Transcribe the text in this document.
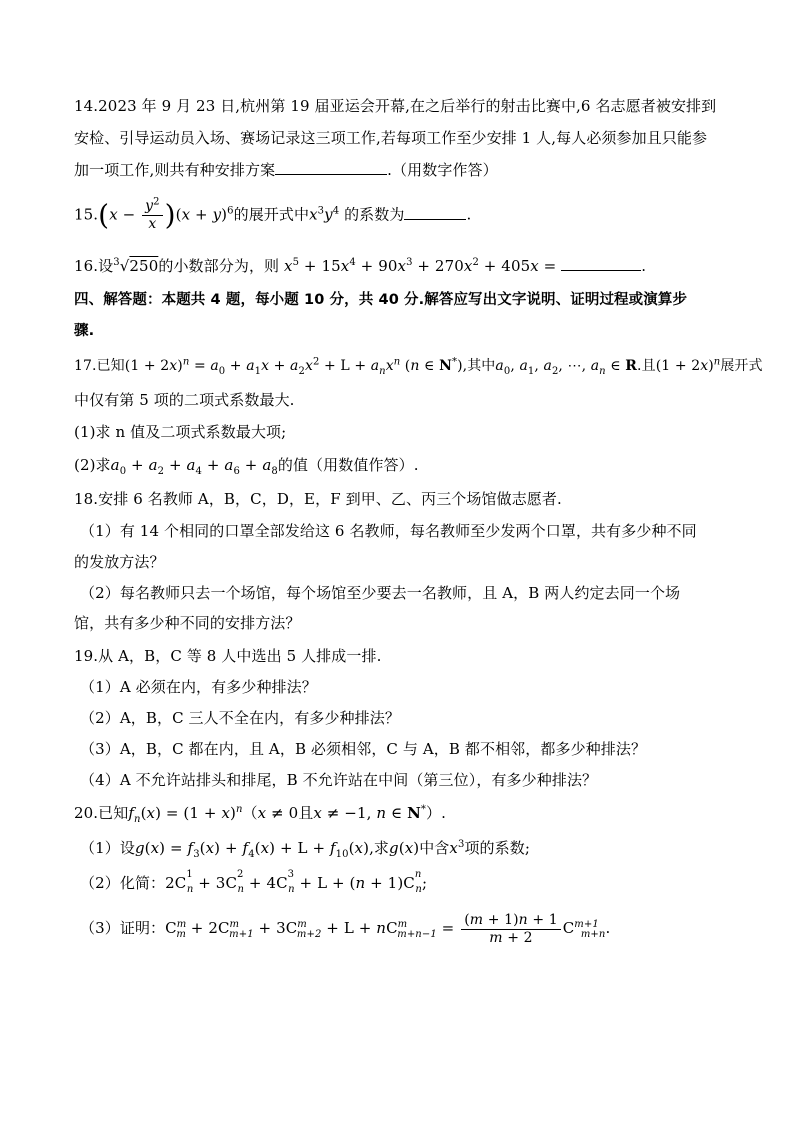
14.2023 年 9 月 23 日,杭州第 19 届亚运会开幕,在之后举行的射击比赛中,6 名志愿者被安排到
安检、引导运动员入场、赛场记录这三项工作,若每项工作至少安排 1 人,每人必须参加且只能参
加一项工作,则共有种安排方案	.（用数字作答）
$15.(x - \frac{y^2}{x} )(x + y)^6$的展开式中$x^3y^4$ 的系数为	.
16.设$^3$√250的小数部分为，则 $x^5 + 15x^4 + 90x^3 + 270x^2 + 405x$ =	.
四、解答题：本题共 4 题，每小题 10 分，共 40 分.解答应写出文字说明、证明过程或演算步
骤.
17.已知$(1 + 2x)^n = a_0 + a_1x + a_2x^2 + L + a_nx^n$ (n ∈ N*),其中$a_0$, $a_1$, $a_2$, ⋯, $a_n$ ∈ R.且$(1 + 2x)^n$展开式
中仅有第 5 项的二项式系数最大.
(1)求 n 值及二项式系数最大项;
(2)求$a_0 + a_2 + a_4 + a_6 + a_8$的值（用数值作答）.
18.安排 6 名教师 A，B，C，D，E，F 到甲、乙、丙三个场馆做志愿者.
（1）有 14 个相同的口罩全部发给这 6 名教师，每名教师至少发两个口罩，共有多少种不同
的发放方法？
（2）每名教师只去一个场馆，每个场馆至少要去一名教师，且 A，B 两人约定去同一个场
馆，共有多少种不同的安排方法？
19.从 A，B，C 等 8 人中选出 5 人排成一排.
（1）A 必须在内，有多少种排法？
（2）A，B，C 三人不全在内，有多少种排法？
（3）A，B，C 都在内，且 A，B 必须相邻，C 与 A，B 都不相邻，都多少种排法？
（4）A 不允许站排头和排尾，B 不允许站在中间（第三位），有多少种排法？
20.已知$f_n(x) = (1 + x)^n(x \ne 0$且x ≠ −1, n ∈ N*）.
（1）设$g(x) = f_3(x) + f_4(x) + L + f_{10}(x)$,求g(x)中含$x^3$项的系数;
（2）化简：$2C^1_n + 3C^2_n + 4C^3_n + L + (n + 1)C^n_n$;
（3）证明：$C^m_m + 2C^m_{m+1} + 3C^m_{m+2} + L + nC^m_{m+n-1} = \frac{(m + 1)n + 1}{m + 2} C^{m+1}_{m+n}$.
